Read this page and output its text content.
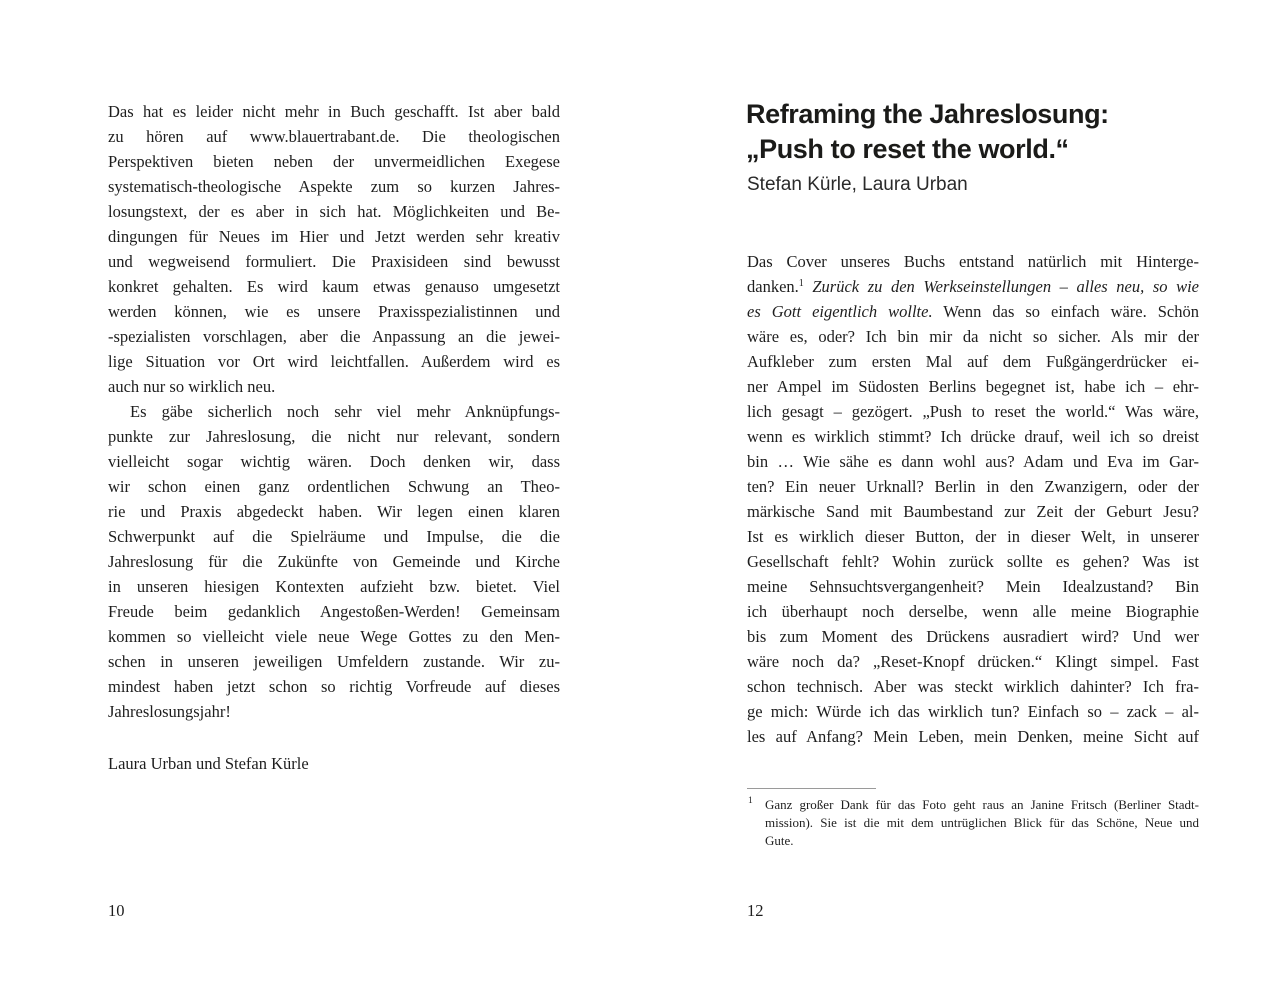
Das hat es leider nicht mehr in Buch geschafft. Ist aber bald
zu hören auf www.blauertrabant.de. Die theologischen
Perspektiven bieten neben der unvermeidlichen Exegese
systematisch-theologische Aspekte zum so kurzen Jahres-
losungstext, der es aber in sich hat. Möglichkeiten und Be-
dingungen für Neues im Hier und Jetzt werden sehr kreativ
und wegweisend formuliert. Die Praxisideen sind bewusst
konkret gehalten. Es wird kaum etwas genauso umgesetzt
werden können, wie es unsere Praxisspezialistinnen und
-spezialisten vorschlagen, aber die Anpassung an die jewei-
lige Situation vor Ort wird leichtfallen. Außerdem wird es
auch nur so wirklich neu.
Es gäbe sicherlich noch sehr viel mehr Anknüpfungs-
punkte zur Jahreslosung, die nicht nur relevant, sondern
vielleicht sogar wichtig wären. Doch denken wir, dass
wir schon einen ganz ordentlichen Schwung an Theo-
rie und Praxis abgedeckt haben. Wir legen einen klaren
Schwerpunkt auf die Spielräume und Impulse, die die
Jahreslosung für die Zukünfte von Gemeinde und Kirche
in unseren hiesigen Kontexten aufzieht bzw. bietet. Viel
Freude beim gedanklich Angestoßen-Werden! Gemeinsam
kommen so vielleicht viele neue Wege Gottes zu den Men-
schen in unseren jeweiligen Umfeldern zustande. Wir zu-
mindest haben jetzt schon so richtig Vorfreude auf dieses
Jahreslosungsjahr!
Laura Urban und Stefan Kürle
10
Reframing the Jahreslosung:
„Push to reset the world.“
Stefan Kürle, Laura Urban
Das Cover unseres Buchs entstand natürlich mit Hinterge-
danken.$^1$ Zurück zu den Werkseinstellungen – alles neu, so wie
es Gott eigentlich wollte. Wenn das so einfach wäre. Schön
wäre es, oder? Ich bin mir da nicht so sicher. Als mir der
Aufkleber zum ersten Mal auf dem Fußgängerdrücker ei-
ner Ampel im Südosten Berlins begegnet ist, habe ich – ehr-
lich gesagt – gezögert. „Push to reset the world.“ Was wäre,
wenn es wirklich stimmt? Ich drücke drauf, weil ich so dreist
bin … Wie sähe es dann wohl aus? Adam und Eva im Gar-
ten? Ein neuer Urknall? Berlin in den Zwanzigern, oder der
märkische Sand mit Baumbestand zur Zeit der Geburt Jesu?
Ist es wirklich dieser Button, der in dieser Welt, in unserer
Gesellschaft fehlt? Wohin zurück sollte es gehen? Was ist
meine Sehnsuchtsvergangenheit? Mein Idealzustand? Bin
ich überhaupt noch derselbe, wenn alle meine Biographie
bis zum Moment des Drückens ausradiert wird? Und wer
wäre noch da? „Reset-Knopf drücken.“ Klingt simpel. Fast
schon technisch. Aber was steckt wirklich dahinter? Ich fra-
ge mich: Würde ich das wirklich tun? Einfach so – zack – al-
les auf Anfang? Mein Leben, mein Denken, meine Sicht auf
1 Ganz großer Dank für das Foto geht raus an Janine Fritsch (Berliner Stadt-
mission). Sie ist die mit dem untrüglichen Blick für das Schöne, Neue und
Gute.
12
